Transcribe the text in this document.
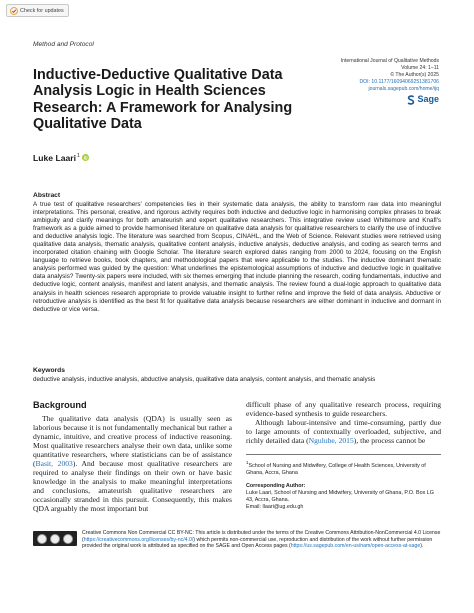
Check for updates
Method and Protocol
International Journal of Qualitative Methods
Volume 24: 1–11
© The Author(s) 2025
DOI: 10.1177/16094069251381706
journals.sagepub.com/home/ijq
Sage
Inductive-Deductive Qualitative Data Analysis Logic in Health Sciences Research: A Framework for Analysing Qualitative Data
Luke Laari$^1$
Abstract

A true test of qualitative researchers' competencies lies in their systematic data analysis, the ability to transform raw data into meaningful interpretations. This personal, creative, and rigorous activity requires both inductive and deductive logic in harmonising complex phrases to break ambiguity and clarify meanings for both amateurish and expert qualitative researchers. This integrative review used Whittemore and Knafl's framework as a guide aimed to provide harmonised literature on qualitative data analysis for qualitative researchers to clarify the use of inductive and deductive analysis logic. The literature was searched from Scopus, CINAHL, and the Web of Science. Relevant studies were retrieved using qualitative data analysis, thematic analysis, qualitative content analysis, inductive analysis, deductive analysis, and coding as search terms and incorporated citation chaining with Google Scholar. The literature search explored dates ranging from 2000 to 2024, focusing on the English language to retrieve books, book chapters, and methodological papers that were applicable to the studies. The inductive dominant thematic analysis performed was guided by the question: What underlines the epistemological assumptions of inductive and deductive logic in qualitative data analysis? Twenty-six papers were included, with six themes emerging that include planning the research, coding fundamentals, inductive and deductive logic, content analysis, manifest and latent analysis, and thematic analysis. The review found a dual-logic approach to qualitative data analysis in health sciences research appropriate to provide valuable insight to further refine and improve the field of data analysis. Abductive or retroductive analysis is identified as the best fit for qualitative data analysis because researchers are either dominant in inductive and dormant in deductive or vice versa.

Keywords

deductive analysis, inductive analysis, abductive analysis, qualitative data analysis, content analysis, and thematic analysis

Background

The qualitative data analysis (QDA) is usually seen as laborious because it is not fundamentally mechanical but rather a dynamic, intuitive, and creative process of inductive reasoning. Most qualitative researchers analyse their own data, unlike some quantitative researchers, where statisticians can be of assistance (Basit, 2003). And because most qualitative researchers are required to analyse their findings on their own or have basic knowledge in the analysis to make meaningful interpretations and conclusions, amateurish qualitative researchers are occasionally stranded in this pursuit. Consequently, this makes QDA arguably the most important but

difficult phase of any qualitative research process, requiring evidence-based synthesis to guide researchers.

Although labour-intensive and time-consuming, partly due to large amounts of contextually overloaded, subjective, and richly detailed data (Ngulube, 2015), the process cannot be

$^1$School of Nursing and Midwifery, College of Health Sciences, University of Ghana, Accra, Ghana

Corresponding Author:

Luke Laari, School of Nursing and Midwifery, University of Ghana, P.O. Box LG 43, Accra, Ghana.

Email: llaari@ug.edu.gh

Creative Commons Non Commercial CC BY-NC: This article is distributed under the terms of the Creative Commons Attribution-NonCommercial 4.0 License (https://creativecommons.org/licenses/by-nc/4.0/) which permits non-commercial use, reproduction and distribution of the work without further permission provided the original work is attributed as specified on the SAGE and Open Access pages (https://us.sagepub.com/en-us/nam/open-access-at-sage).
